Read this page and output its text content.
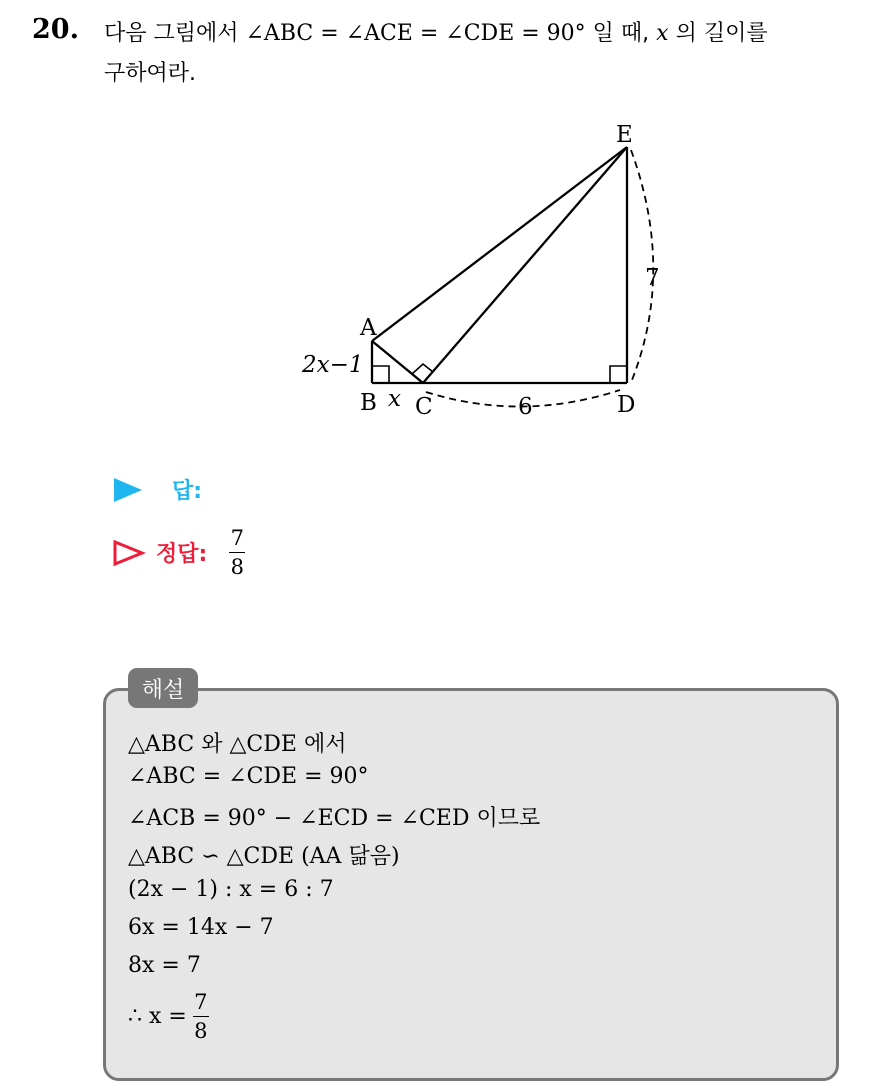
20. 다음 그림에서 ∠ABC = ∠ACE = ∠CDE = 90° 일 때, x 의 길이를
구하여라.
E
A
B C	D
2x−1
x	6
7
답:
정답: $\frac{7}{8}$
해설
△ABC 와 △CDE 에서
∠ABC = ∠CDE = 90°
∠ACB = 90° − ∠ECD = ∠CED 이므로
△ABC ∽ △CDE (AA 닮음)
(2x − 1) : x = 6 : 7
6x = 14x − 7
8x = 7
∴ $x = \frac{7}{8}$
